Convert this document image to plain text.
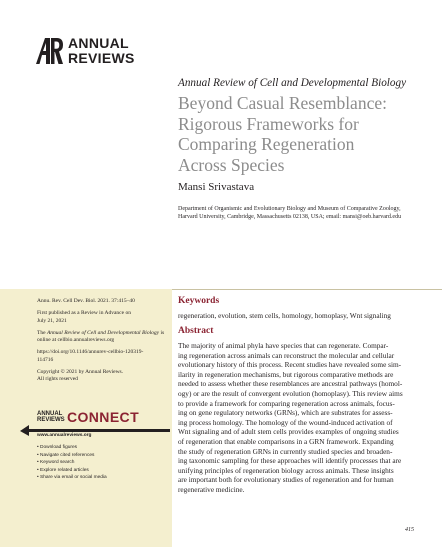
ANNUAL
REVIEWS
Annual Review of Cell and Developmental Biology
Beyond Casual Resemblance:
Rigorous Frameworks for
Comparing Regeneration
Across Species
Mansi Srivastava
Department of Organismic and Evolutionary Biology and Museum of Comparative Zoology,
Harvard University, Cambridge, Massachusetts 02138, USA; email: mansi@oeb.harvard.edu

Annu. Rev. Cell Dev. Biol. 2021. 37:415–40

First published as a Review in Advance on
July 21, 2021

The Annual Review of Cell and Developmental Biology is online at cellbio.annualreviews.org

https://doi.org/10.1146/annurev-cellbio-120319-
114716

Copyright © 2021 by Annual Reviews.
All rights reserved

ANNUAL
REVIEWS CONNECT
www.annualreviews.org
• Download figures
• Navigate cited references
• Keyword search
• Explore related articles
• Share via email or social media
Keywords
regeneration, evolution, stem cells, homology, homoplasy, Wnt signaling
Abstract
The majority of animal phyla have species that can regenerate. Compar-
ing regeneration across animals can reconstruct the molecular and cellular
evolutionary history of this process. Recent studies have revealed some sim-
ilarity in regeneration mechanisms, but rigorous comparative methods are
needed to assess whether these resemblances are ancestral pathways (homol-
ogy) or are the result of convergent evolution (homoplasy). This review aims
to provide a framework for comparing regeneration across animals, focus-
ing on gene regulatory networks (GRNs), which are substrates for assess-
ing process homology. The homology of the wound-induced activation of
Wnt signaling and of adult stem cells provides examples of ongoing studies
of regeneration that enable comparisons in a GRN framework. Expanding
the study of regeneration GRNs in currently studied species and broaden-
ing taxonomic sampling for these approaches will identify processes that are
unifying principles of regeneration biology across animals. These insights
are important both for evolutionary studies of regeneration and for human
regenerative medicine.
415
